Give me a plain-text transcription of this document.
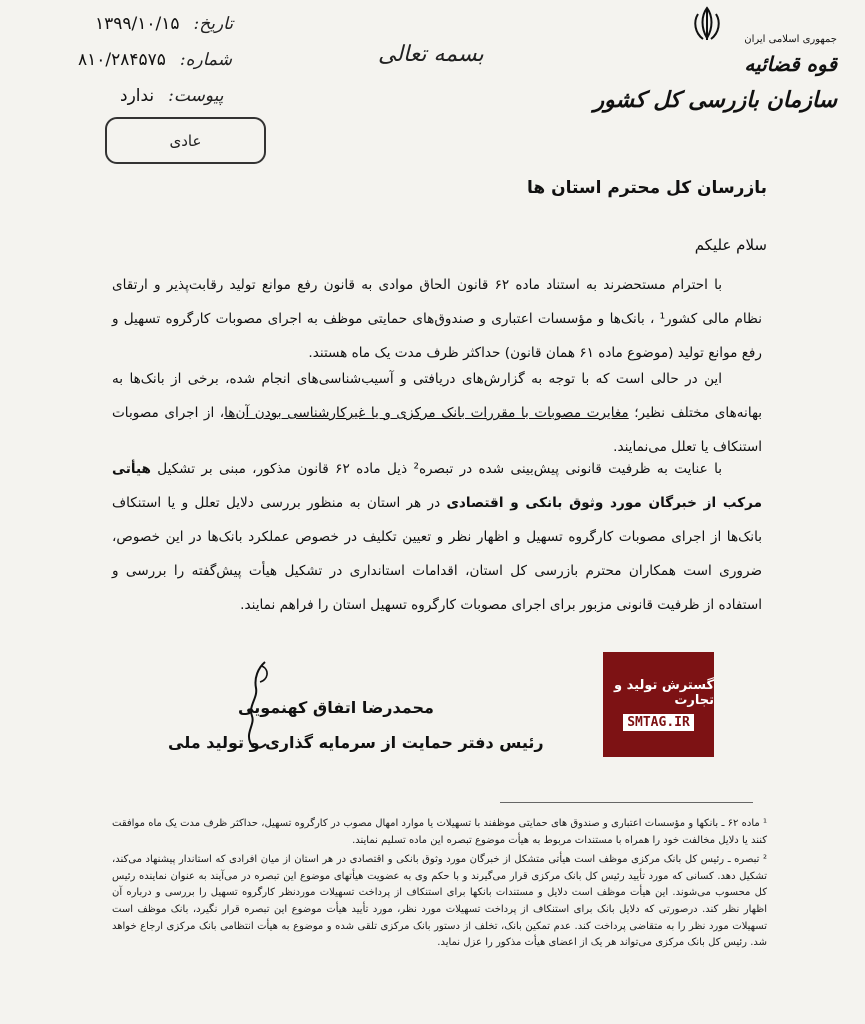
تاریخ:
۱۳۹۹/۱۰/۱۵
شماره:
۸۱۰/۲۸۴۵۷۵
پیوست:
ندارد
عادی
بسمه تعالی
جمهوری اسلامی ایران
قوه قضائیه
سازمان بازرسی کل کشور
بازرسان کل محترم استان ها
سلام علیکم

با احترام مستحضرند به استناد ماده ۶۲ قانون الحاق موادی به قانون رفع موانع تولید رقابت‌پذیر و ارتقای نظام مالی کشور¹ ، بانک‌ها و مؤسسات اعتباری و صندوق‌های حمایتی موظف به اجرای مصوبات کارگروه تسهیل و رفع موانع تولید (موضوع ماده ۶۱ همان قانون) حداکثر ظرف مدت یک ماه هستند.

این در حالی است که با توجه به گزارش‌های دریافتی و آسیب‌شناسی‌های انجام شده، برخی از بانک‌ها به بهانه‌های مختلف نظیر؛ مغایرت مصوبات با مقررات بانک مرکزی و یا غیرکارشناسی بودن آن‌ها، از اجرای مصوبات استنکاف یا تعلل می‌نمایند.

با عنایت به ظرفیت قانونی پیش‌بینی شده در تبصره² ذیل ماده ۶۲ قانون مذکور، مبنی بر تشکیل هیأتی مرکب از خبرگان مورد وثوق بانکی و اقتصادی در هر استان به منظور بررسی دلایل تعلل و یا استنکاف بانک‌ها از اجرای مصوبات کارگروه تسهیل و اظهار نظر و تعیین تکلیف در خصوص عملکرد بانک‌ها در این خصوص، ضروری است همکاران محترم بازرسی کل استان، اقدامات استانداری در تشکیل هیأت پیش‌گفته را بررسی و استفاده از ظرفیت قانونی مزبور برای اجرای مصوبات کارگروه تسهیل استان را فراهم نمایند.

گسترش تولید و تجارت
SMTAG.IR
محمدرضا اتفاق کهنمویی
رئیس دفتر حمایت از سرمایه گذاری و تولید ملی

¹ ماده ۶۲ ـ بانکها و مؤسسات اعتباری و صندوق های حمایتی موظفند با تسهیلات یا موارد امهال مصوب در کارگروه تسهیل، حداکثر ظرف مدت یک ماه موافقت کنند یا دلایل مخالفت خود را همراه با مستندات مربوط به هیأت موضوع تبصره این ماده تسلیم نمایند.

² تبصره ـ رئیس کل بانک مرکزی موظف است هیأتی متشکل از خبرگان مورد وثوق بانکی و اقتصادی در هر استان از میان افرادی که استاندار پیشنهاد می‌کند، تشکیل دهد. کسانی که مورد تأیید رئیس کل بانک مرکزی قرار می‌گیرند و با حکم وی به عضویت هیأتهای موضوع این تبصره در می‌آیند به عنوان نماینده رئیس کل محسوب می‌شوند. این هیأت موظف است دلایل و مستندات بانکها برای استنکاف از پرداخت تسهیلات موردنظر کارگروه تسهیل را بررسی و درباره آن اظهار نظر کند. درصورتی که دلایل بانک برای استنکاف از پرداخت تسهیلات مورد نظر، مورد تأیید هیأت موضوع این تبصره قرار نگیرد، بانک موظف است تسهیلات مورد نظر را به متقاضی پرداخت کند. عدم تمکین بانک، تخلف از دستور بانک مرکزی تلقی شده و موضوع به هیأت انتظامی بانک مرکزی ارجاع خواهد شد. رئیس کل بانک مرکزی می‌تواند هر یک از اعضای هیأت مذکور را عزل نماید.
